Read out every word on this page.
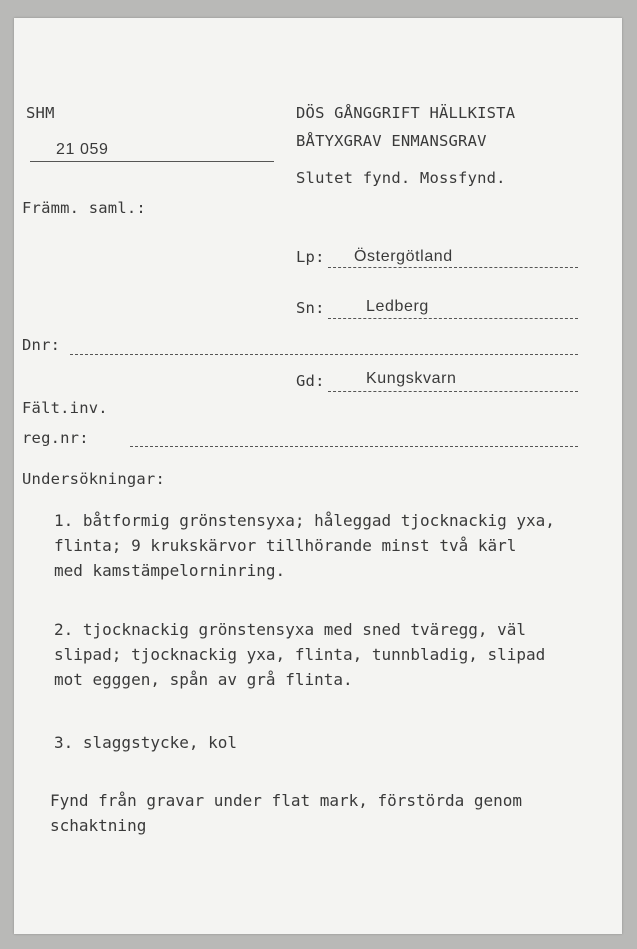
SHM
21 059
DÖS GÅNGGRIFT HÄLLKISTA
BÅTYXGRAV ENMANSGRAV
Slutet fynd. Mossfynd.
Främm. saml.:
Lp: Östergötland
Sn:	Ledberg
Dnr:
Gd:	Kungskvarn
Fält.inv.
reg.nr:
Undersökningar:
1. båtformig grönstensyxa; håleggad tjocknackig yxa,
flinta; 9 krukskärvor tillhörande minst två kärl
med kamstämpelorninring.
2. tjocknackig grönstensyxa med sned tväregg, väl
slipad; tjocknackig yxa, flinta, tunnbladig, slipad
mot egggen, spån av grå flinta.
3. slaggstycke, kol
Fynd från gravar under flat mark, förstörda genom
schaktning
